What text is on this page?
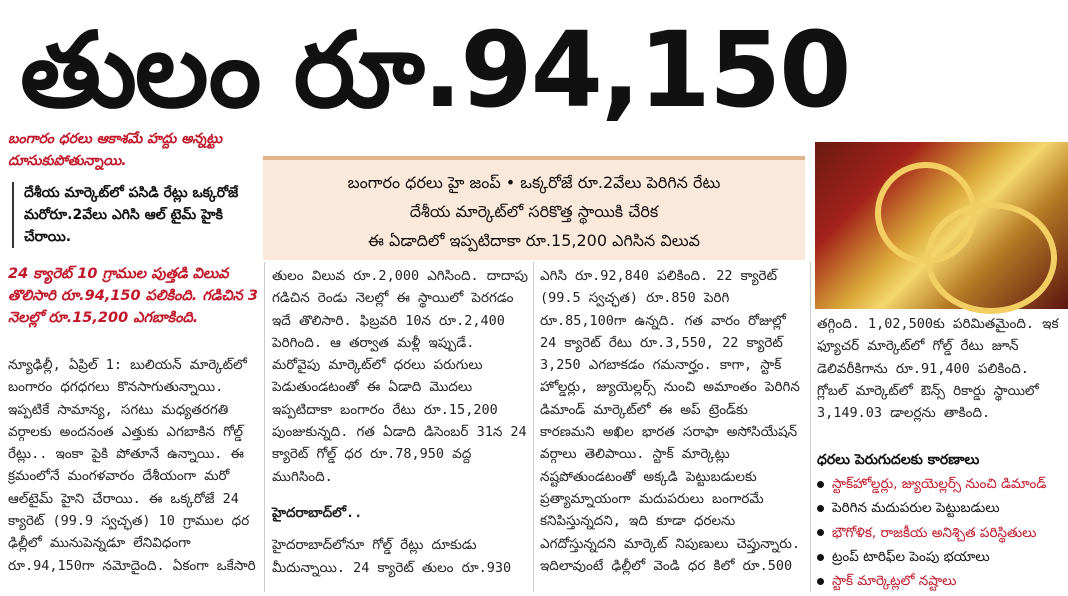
తులం రూ.94,150
బంగారం ధరలు ఆకాశమే హద్దు అన్నట్టు దూసుకుపోతున్నాయి.
దేశీయ మార్కెట్‌లో పసిడి రేట్లు ఒక్కరోజే మరోరూ.2వేలు ఎగిసి ఆల్‌ టైమ్‌ హైకి చేరాయి.
24 క్యారెట్‌ 10 గ్రాముల పుత్తడి విలువ తొలిసారి రూ.94,150 పలికింది. గడిచిన 3 నెలల్లో రూ.15,200 ఎగబాకింది.
బంగారం ధరలు హై జంప్‌ • ఒక్కరోజే రూ.2వేలు పెరిగిన రేటు
దేశీయ మార్కెట్‌లో సరికొత్త స్థాయికి చేరిక
ఈ ఏడాదిలో ఇప్పటిదాకా రూ.15,200 ఎగిసిన విలువ
న్యూఢిల్లీ, ఏప్రిల్‌ 1: బులియన్‌ మార్కెట్‌లో బంగారం ధగధగలు కొనసాగుతున్నాయి. ఇప్పటికే సామాన్య, సగటు మధ్యతరగతి వర్గాలకు అందనంత ఎత్తుకు ఎగబాకిన గోల్డ్‌ రేట్లు.. ఇంకా పైకి పోతూనే ఉన్నాయి. ఈ క్రమంలోనే మంగళవారం దేశీయంగా మరో ఆల్‌టైమ్‌ హైని చేరాయి. ఈ ఒక్కరోజే 24 క్యారెట్‌ (99.9 స్వచ్ఛత) 10 గ్రాముల ధర ఢిల్లీలో మునుపెన్నడూ లేనివిధంగా రూ.94,150గా నమోదైంది. ఏకంగా ఒకేసారి
తులం విలువ రూ.2,000 ఎగిసింది. దాదాపు గడిచిన రెండు నెలల్లో ఈ స్థాయిలో పెరగడం ఇదే తొలిసారి. ఫిబ్రవరి 10న రూ.2,400 పెరిగింది. ఆ తర్వాత మళ్లీ ఇప్పుడే. మరోవైపు మార్కెట్‌లో ధరలు పరుగులు పెడుతుండటంతో ఈ ఏడాది మొదలు ఇప్పటిదాకా బంగారం రేటు రూ.15,200 పుంజుకున్నది. గత ఏడాది డిసెంబర్‌ 31న 24 క్యారెట్‌ గోల్డ్‌ ధర రూ.78,950 వద్ద ముగిసింది.
హైదరాబాద్‌లో..
హైదరాబాద్‌లోనూ గోల్డ్‌ రేట్లు దూకుడు మీదున్నాయి. 24 క్యారెట్‌ తులం రూ.930
ఎగిసి రూ.92,840 పలికింది. 22 క్యారెట్‌ (99.5 స్వచ్ఛత) రూ.850 పెరిగి రూ.85,100గా ఉన్నది. గత వారం రోజుల్లో 24 క్యారెట్‌ రేటు రూ.3,550, 22 క్యారెట్‌ 3,250 ఎగబాకడం గమనార్హం. కాగా, స్టాక్‌ హోల్డర్లు, జ్యుయెల్లర్స్‌ నుంచి అమాంతం పెరిగిన డిమాండ్‌ మార్కెట్‌లో ఈ అప్‌ ట్రెండ్‌కు కారణమని అఖిల భారత సరాఫా అసోసియేషన్‌ వర్గాలు తెలిపాయి. స్టాక్‌ మార్కెట్లు నష్టపోతుండటంతో అక్కడి పెట్టుబడులకు ప్రత్యామ్నాయంగా మదుపరులు బంగారమే కనిపిస్తున్నదని, ఇది కూడా ధరలను ఎగదోస్తున్నదని మార్కెట్‌ నిపుణులు చెప్తున్నారు. ఇదిలావుంటే ఢిల్లీలో వెండి ధర కిలో రూ.500
తగ్గింది. 1,02,500కు పరిమితమైంది. ఇక ఫ్యూచర్‌ మార్కెట్‌లో గోల్డ్‌ రేటు జూన్‌ డెలివరీకిగాను రూ.91,400 పలికింది. గ్లోబల్‌ మార్కెట్‌లో ఔన్స్‌ రికార్డు స్థాయిలో 3,149.03 డాలర్లను తాకింది.
ధరలు పెరుగుదలకు కారణాలు
స్టాక్‌హోల్డర్లు, జ్యుయెల్లర్స్‌ నుంచి డిమాండ్‌
పెరిగిన మదుపరుల పెట్టుబడులు
భౌగోళిక, రాజకీయ అనిశ్చిత పరిస్థితులు
ట్రంప్‌ టారిఫ్‌ల పెంపు భయాలు
స్టాక్‌ మార్కెట్లలో నష్టాలు
